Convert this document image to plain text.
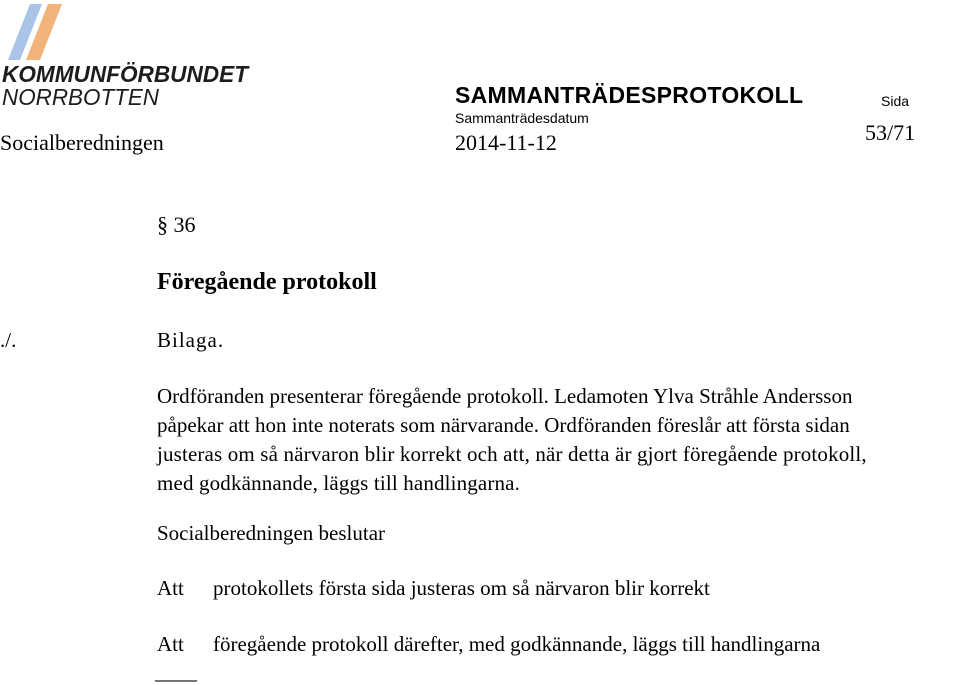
KOMMUNFÖRBUNDET
NORRBOTTEN	SAMMANTRÄDESPROTOKOLL	Sida
Sammanträdesdatum
Socialberedningen	2014-11-12	53/71
§ 36
Föregående protokoll
./.	Bilaga.
Ordföranden presenterar föregående protokoll. Ledamoten Ylva Stråhle Andersson
påpekar att hon inte noterats som närvarande. Ordföranden föreslår att första sidan
justeras om så närvaron blir korrekt och att, när detta är gjort föregående protokoll,
med godkännande, läggs till handlingarna.
Socialberedningen beslutar
Att protokollets första sida justeras om så närvaron blir korrekt
Att föregående protokoll därefter, med godkännande, läggs till handlingarna
____
